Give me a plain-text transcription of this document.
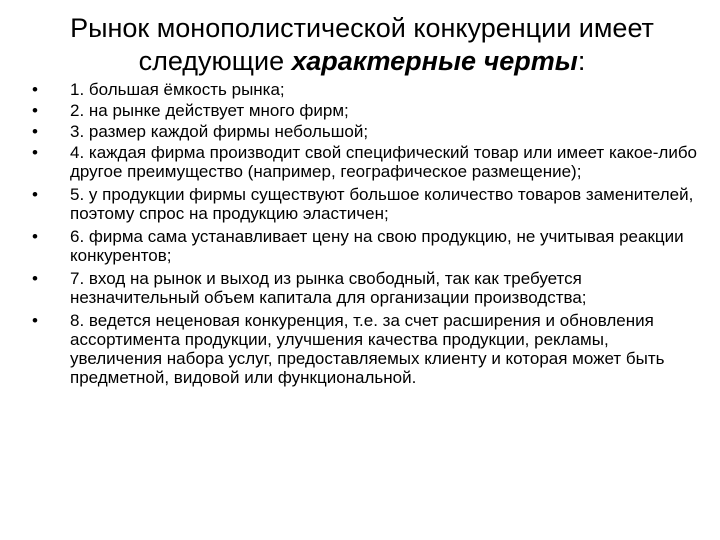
Рынок монополистической конкуренции имеет следующие характерные черты:
• 1. большая ёмкость рынка;
• 2. на рынке действует много фирм;
• 3. размер каждой фирмы небольшой;
• 4. каждая фирма производит свой специфический товар или имеет какое-либо другое преимущество (например, географическое размещение);
• 5. у продукции фирмы существуют большое количество товаров заменителей, поэтому спрос на продукцию эластичен;
• 6. фирма сама устанавливает цену на свою продукцию, не учитывая реакции конкурентов;
• 7. вход на рынок и выход из рынка свободный, так как требуется незначительный объем капитала для организации производства;
• 8. ведется неценовая конкуренция, т.е. за счет расширения и обновления ассортимента продукции, улучшения качества продукции, рекламы, увеличения набора услуг, предоставляемых клиенту и которая может быть предметной, видовой или функциональной.
